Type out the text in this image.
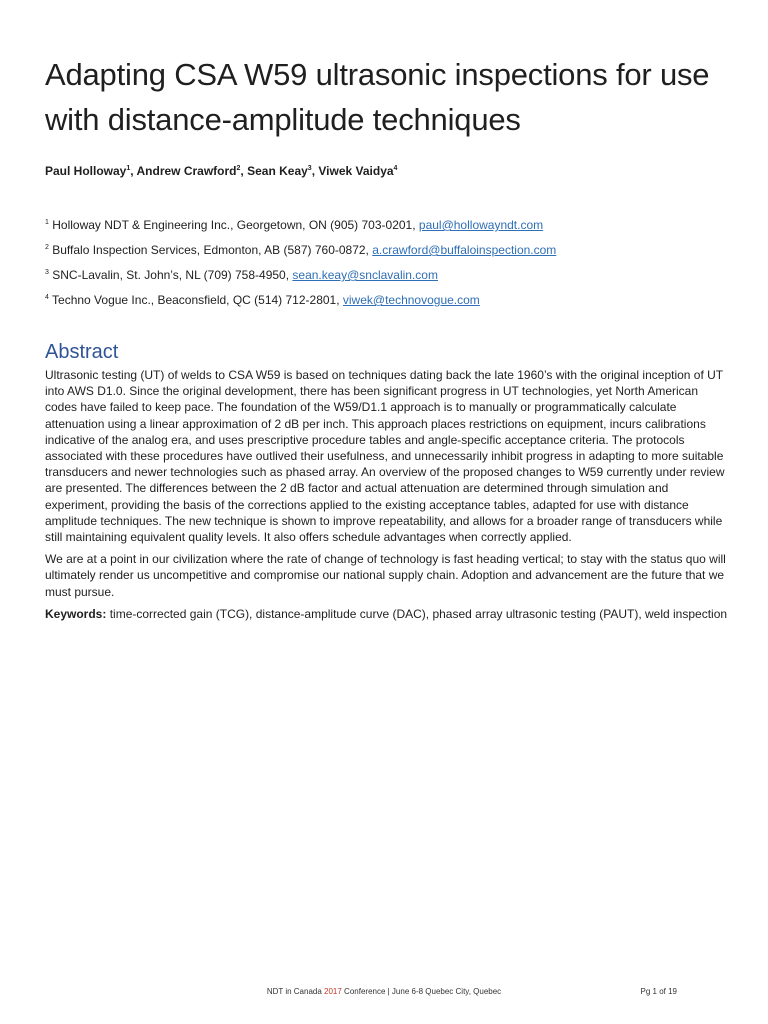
Adapting CSA W59 ultrasonic inspections for use with distance-amplitude techniques
Paul Holloway$^1$, Andrew Crawford$^2$, Sean Keay$^3$, Viwek Vaidya$^4$
$^1$ Holloway NDT & Engineering Inc., Georgetown, ON (905) 703-0201, paul@hollowayndt.com
$^2$ Buffalo Inspection Services, Edmonton, AB (587) 760-0872, a.crawford@buffaloinspection.com
$^3$ SNC-Lavalin, St. John’s, NL (709) 758-4950, sean.keay@snclavalin.com
$^4$ Techno Vogue Inc., Beaconsfield, QC (514) 712-2801, viwek@technovogue.com
Abstract

Ultrasonic testing (UT) of welds to CSA W59 is based on techniques dating back the late 1960’s with the original inception of UT into AWS D1.0. Since the original development, there has been significant progress in UT technologies, yet North American codes have failed to keep pace. The foundation of the W59/D1.1 approach is to manually or programmatically calculate attenuation using a linear approximation of 2 dB per inch. This approach places restrictions on equipment, incurs calibrations indicative of the analog era, and uses prescriptive procedure tables and angle-specific acceptance criteria. The protocols associated with these procedures have outlived their usefulness, and unnecessarily inhibit progress in adapting to more suitable transducers and newer technologies such as phased array. An overview of the proposed changes to W59 currently under review are presented. The differences between the 2 dB factor and actual attenuation are determined through simulation and experiment, providing the basis of the corrections applied to the existing acceptance tables, adapted for use with distance amplitude techniques. The new technique is shown to improve repeatability, and allows for a broader range of transducers while still maintaining equivalent quality levels. It also offers schedule advantages when correctly applied.

We are at a point in our civilization where the rate of change of technology is fast heading vertical; to stay with the status quo will ultimately render us uncompetitive and compromise our national supply chain. Adoption and advancement are the future that we must pursue.

Keywords: time-corrected gain (TCG), distance-amplitude curve (DAC), phased array ultrasonic testing (PAUT), weld inspection

NDT in Canada 2017 Conference | June 6-8 Quebec City, Quebec	Pg 1 of 19
